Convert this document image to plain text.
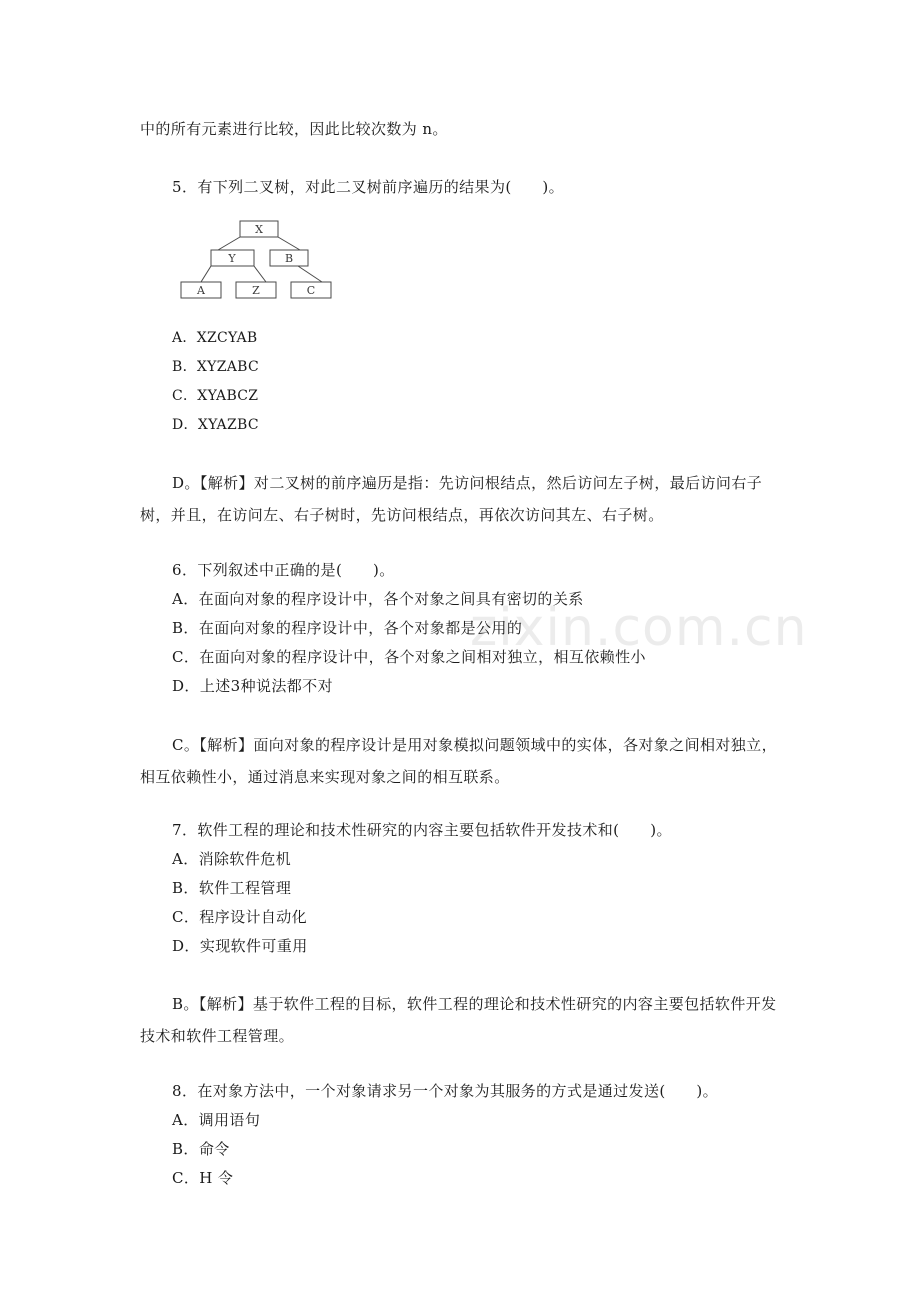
zixin.com.cn
中的所有元素进行比较，因此比较次数为 n。
5．有下列二叉树，对此二叉树前序遍历的结果为(　　)。
X
Y	B
A	Z	C
A．XZCYAB
B．XYZABC
C．XYABCZ
D．XYAZBC
D。【解析】对二叉树的前序遍历是指：先访问根结点，然后访问左子树，最后访问右子树，并且，在访问左、右子树时，先访问根结点，再依次访问其左、右子树。
6．下列叙述中正确的是(　　)。
A．在面向对象的程序设计中，各个对象之间具有密切的关系
B．在面向对象的程序设计中，各个对象都是公用的
C．在面向对象的程序设计中，各个对象之间相对独立，相互依赖性小
D．上述3种说法都不对
C。【解析】面向对象的程序设计是用对象模拟问题领域中的实体，各对象之间相对独立，相互依赖性小，通过消息来实现对象之间的相互联系。
7．软件工程的理论和技术性研究的内容主要包括软件开发技术和(　　)。
A．消除软件危机
B．软件工程管理
C．程序设计自动化
D．实现软件可重用
B。【解析】基于软件工程的目标，软件工程的理论和技术性研究的内容主要包括软件开发技术和软件工程管理。
8．在对象方法中，一个对象请求另一个对象为其服务的方式是通过发送(　　)。
A．调用语句
B．命令
C．H 令
